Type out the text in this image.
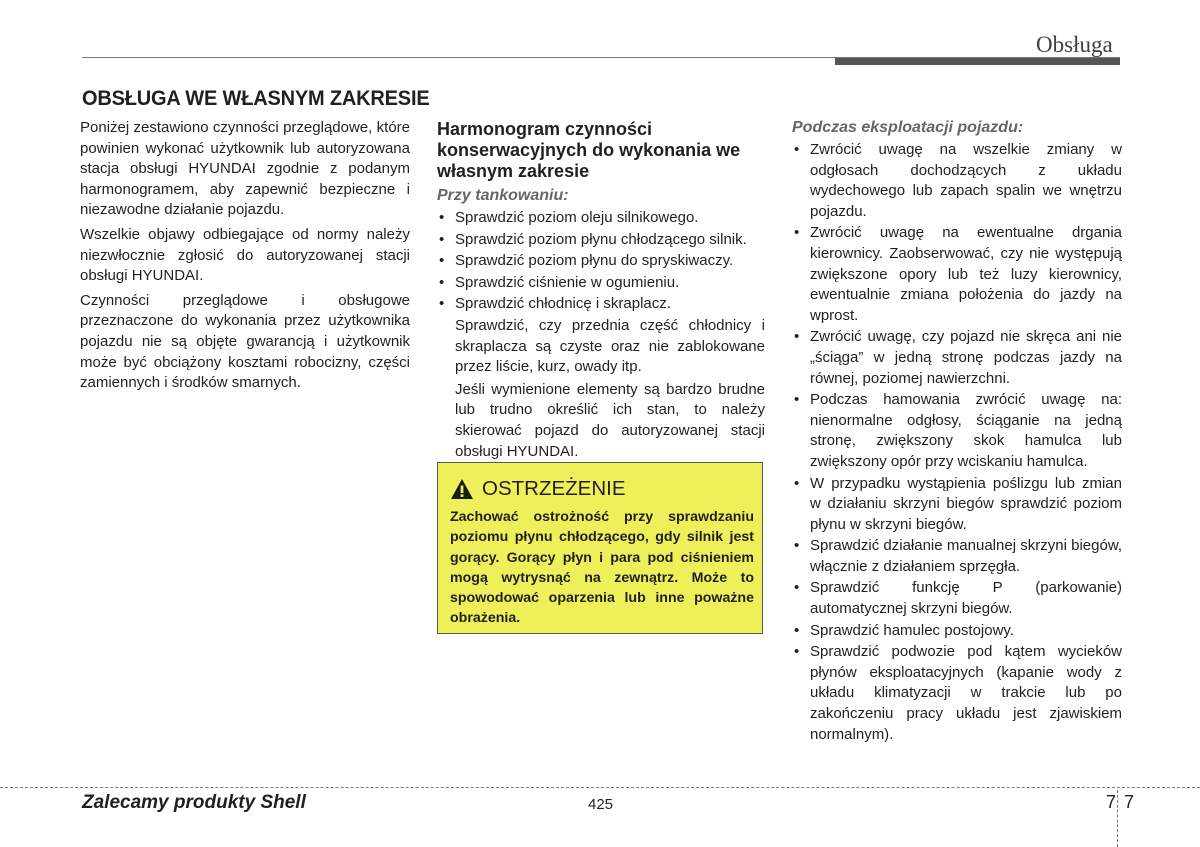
Obsługa
OBSŁUGA WE WŁASNYM ZAKRESIE

Poniżej zestawiono czynności przeglądowe, które powinien wykonać użytkownik lub autoryzowana stacja obsługi HYUNDAI zgodnie z podanym harmonogramem, aby zapewnić bezpieczne i niezawodne działanie pojazdu.

Wszelkie objawy odbiegające od normy należy niezwłocznie zgłosić do autoryzowanej stacji obsługi HYUNDAI.

Czynności przeglądowe i obsługowe przeznaczone do wykonania przez użytkownika pojazdu nie są objęte gwarancją i użytkownik może być obciążony kosztami robocizny, części zamiennych i środków smarnych.

Harmonogram czynności konserwacyjnych do wykonania we własnym zakresie
Przy tankowaniu:
• Sprawdzić poziom oleju silnikowego.
• Sprawdzić poziom płynu chłodzącego silnik.
• Sprawdzić poziom płynu do spryskiwaczy.
• Sprawdzić ciśnienie w ogumieniu.
• Sprawdzić chłodnicę i skraplacz.
Sprawdzić, czy przednia część chłodnicy i skraplacza są czyste oraz nie zablokowane przez liście, kurz, owady itp.
Jeśli wymienione elementy są bardzo brudne lub trudno określić ich stan, to należy skierować pojazd do autoryzowanej stacji obsługi HYUNDAI.
OSTRZEŻENIE
Zachować ostrożność przy sprawdzaniu poziomu płynu chłodzącego, gdy silnik jest gorący. Gorący płyn i para pod ciśnieniem mogą wytrysnąć na zewnątrz. Może to spowodować oparzenia lub inne poważne obrażenia.
Podczas eksploatacji pojazdu:
• Zwrócić uwagę na wszelkie zmiany w odgłosach dochodzących z układu wydechowego lub zapach spalin we wnętrzu pojazdu.
• Zwrócić uwagę na ewentualne drgania kierownicy. Zaobserwować, czy nie występują zwiększone opory lub też luzy kierownicy, ewentualnie zmiana położenia do jazdy na wprost.
• Zwrócić uwagę, czy pojazd nie skręca ani nie „ściąga” w jedną stronę podczas jazdy na równej, poziomej nawierzchni.
• Podczas hamowania zwrócić uwagę na: nienormalne odgłosy, ściąganie na jedną stronę, zwiększony skok hamulca lub zwiększony opór przy wciskaniu hamulca.
• W przypadku wystąpienia poślizgu lub zmian w działaniu skrzyni biegów sprawdzić poziom płynu w skrzyni biegów.
• Sprawdzić działanie manualnej skrzyni biegów, włącznie z działaniem sprzęgła.
• Sprawdzić funkcję P (parkowanie) automatycznej skrzyni biegów.
• Sprawdzić hamulec postojowy.
• Sprawdzić podwozie pod kątem wycieków płynów eksploatacyjnych (kapanie wody z układu klimatyzacji w trakcie lub po zakończeniu pracy układu jest zjawiskiem normalnym).
Zalecamy produkty Shell	425	7 7
